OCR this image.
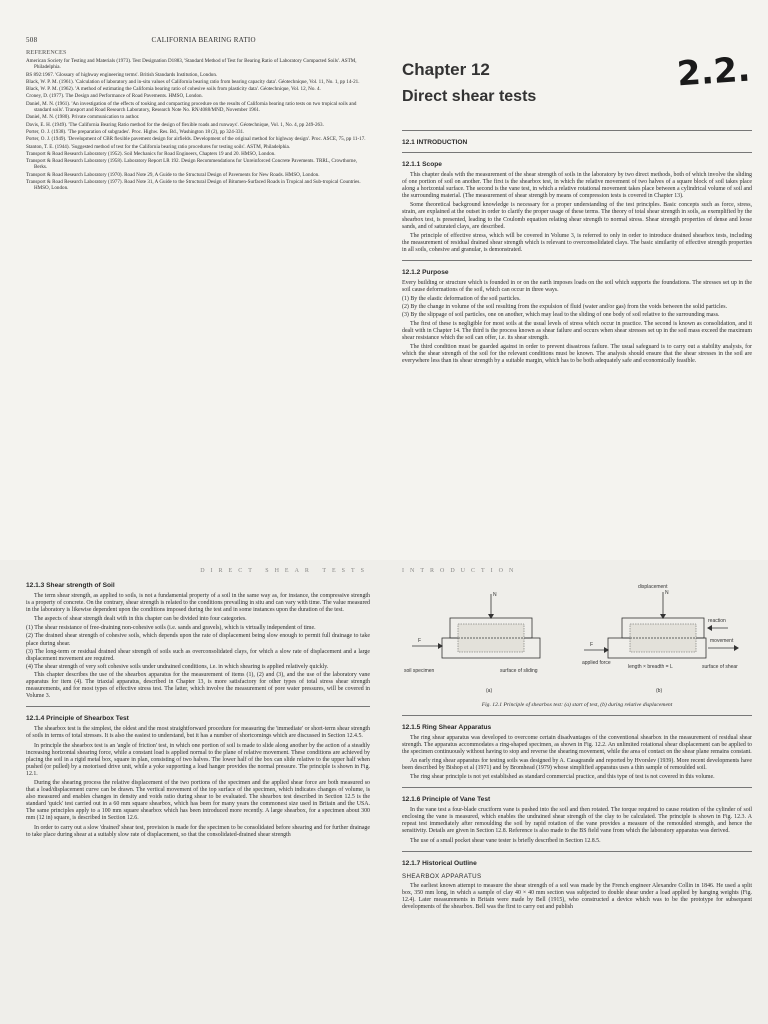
508	CALIFORNIA BEARING RATIO
REFERENCES

American Society for Testing and Materials (1973). Test Designation D1883, 'Standard Method of Test for Bearing Ratio of Laboratory Compacted Soils'. ASTM, Philadelphia.

BS 892:1967. 'Glossary of highway engineering terms'. British Standards Institution, London.

Black, W. P. M. (1961). 'Calculation of laboratory and in-situ values of California bearing ratio from bearing capacity data'. Géotechnique, Vol. 11, No. 1, pp 14-21.

Black, W. P. M. (1962). 'A method of estimating the California bearing ratio of cohesive soils from plasticity data'. Géotechnique, Vol. 12, No. 4.

Croney, D. (1977). The Design and Performance of Road Pavements. HMSO, London.

Daniel, M. N. (1961). 'An investigation of the effects of tooking and compacting procedure on the results of California bearing ratio tests on two tropical soils and standard soils'. Transport and Road Research Laboratory, Research Note No. RN/4088/MND, November 1961.

Daniel, M. N. (1980). Private communication to author.

Davis, E. H. (1949). 'The California Bearing Ratio method for the design of flexible roads and runways'. Géotechnique, Vol. 1, No. 4, pp 249-263.

Porter, O. J. (1938). 'The preparation of subgrades'. Proc. Highw. Res. Bd., Washington 18 (2), pp 324-331.

Porter, O. J. (1949). 'Development of CBR flexible pavement design for airfields. Development of the original method for highway design'. Proc. ASCE, 75, pp 11-17.

Stanton, T. E. (1944). 'Suggested method of test for the California bearing ratio procedures for testing soils'. ASTM, Philadelphia.

Transport & Road Research Laboratory (1952). Soil Mechanics for Road Engineers, Chapters 19 and 20. HMSO, London.

Transport & Road Research Laboratory (1958). Laboratory Report LR 192. Design Recommendations for Unreinforced Concrete Pavements. TRRL, Crowthorne, Berks.

Transport & Road Research Laboratory (1970). Road Note 29, A Guide to the Structural Design of Pavements for New Roads. HMSO, London.

Transport & Road Research Laboratory (1977). Road Note 31, A Guide to the Structural Design of Bitumen-Surfaced Roads in Tropical and Sub-tropical Countries. HMSO, London.

2.2.
Chapter 12
Direct shear tests
12.1 INTRODUCTION
12.1.1 Scope

This chapter deals with the measurement of the shear strength of soils in the laboratory by two direct methods, both of which involve the sliding of one portion of soil on another. The first is the shearbox test, in which the relative movement of two halves of a square block of soil takes place along a horizontal surface. The second is the vane test, in which a relative rotational movement takes place between a cylindrical volume of soil and the surrounding material. (The measurement of shear strength by means of compression tests is covered in Chapter 13).

Some theoretical background knowledge is necessary for a proper understanding of the test principles. Basic concepts such as force, stress, strain, are explained at the outset in order to clarify the proper usage of these terms. The theory of total shear strength in soils, as exemplified by the shearbox test, is presented, leading to the Coulomb equation relating shear strength to normal stress. Shear strength properties of dense and loose sands, and of saturated clays, are described.

The principle of effective stress, which will be covered in Volume 3, is referred to only in order to introduce drained shearbox tests, including the measurement of residual drained shear strength which is relevant to overconsolidated clays. The basic similarity of effective strength properties in all soils, cohesive and granular, is demonstrated.

12.1.2 Purpose

Every building or structure which is founded in or on the earth imposes loads on the soil which supports the foundations. The stresses set up in the soil cause deformations of the soil, which can occur in three ways.

(1) By the elastic deformation of the soil particles.

(2) By the change in volume of the soil resulting from the expulsion of fluid (water and/or gas) from the voids between the solid particles.

(3) By the slippage of soil particles, one on another, which may lead to the sliding of one body of soil relative to the surrounding mass.

The first of these is negligible for most soils at the usual levels of stress which occur in practice. The second is known as consolidation, and it dealt with in Chapter 14. The third is the process known as shear failure and occurs when shear stresses set up in the soil mass exceed the maximum shear resistance which the soil can offer, i.e. its shear strength.

The third condition must be guarded against in order to prevent disastrous failure. The usual safeguard is to carry out a stability analysis, for which the shear strength of the soil for the relevant conditions must be known. The analysis should ensure that the shear stresses in the soil are everywhere less than its shear strength by a suitable margin, which has to be both adequately safe and economically feasible.

DIRECT SHEAR TESTS
12.1.3 Shear strength of Soil

The term shear strength, as applied to soils, is not a fundamental property of a soil in the same way as, for instance, the compressive strength is a property of concrete. On the contrary, shear strength is related to the conditions prevailing in situ and can vary with time. The value measured in the laboratory is likewise dependent upon the conditions imposed during the test and in some instances upon the duration of the test.

The aspects of shear strength dealt with in this chapter can be divided into four categories.

(1) The shear resistance of free-draining non-cohesive soils (i.e. sands and gravels), which is virtually independent of time.

(2) The drained shear strength of cohesive soils, which depends upon the rate of displacement being slow enough to permit full drainage to take place during shear.

(3) The long-term or residual drained shear strength of soils such as overconsolidated clays, for which a slow rate of displacement and a large displacement movement are required.

(4) The shear strength of very soft cohesive soils under undrained conditions, i.e. in which shearing is applied relatively quickly.

This chapter describes the use of the shearbox apparatus for the measurement of items (1), (2) and (3), and the use of the laboratory vane apparatus for item (4). The triaxial apparatus, described in Chapter 13, is more satisfactory for other types of total stress shear strength measurements, and for most types of effective stress test. The latter, which involve the measurement of pore water pressures, will be covered in Volume 3.

12.1.4 Principle of Shearbox Test

The shearbox test is the simplest, the oldest and the most straightforward procedure for measuring the 'immediate' or short-term shear strength of soils in terms of total stresses. It is also the easiest to understand, but it has a number of shortcomings which are discussed in Section 12.4.5.

In principle the shearbox test is an 'angle of friction' test, in which one portion of soil is made to slide along another by the action of a steadily increasing horizontal shearing force, while a constant load is applied normal to the plane of relative movement. These conditions are achieved by placing the soil in a rigid metal box, square in plan, consisting of two halves. The lower half of the box can slide relative to the upper half when pushed (or pulled) by a motorised drive unit, while a yoke supporting a load hanger provides the normal pressure. The principle is shown in Fig. 12.1.

During the shearing process the relative displacement of the two portions of the specimen and the applied shear force are both measured so that a load/displacement curve can be drawn. The vertical movement of the top surface of the specimen, which indicates changes of volume, is also measured and enables changes in density and voids ratio during shear to be evaluated. The shearbox test described in Section 12.5 is the standard 'quick' test carried out in a 60 mm square shearbox, which has been for many years the commonest size used in Britain and the USA. The same principles apply to a 100 mm square shearbox which has been introduced more recently. A large shearbox, for a specimen about 300 mm (12 in) square, is described in Section 12.6.

In order to carry out a slow 'drained' shear test, provision is made for the specimen to be consolidated before shearing and for further drainage to take place during shear at a suitably slow rate of displacement, so that the consolidated-drained shear strength

INTRODUCTION
N
F
soil specimen	surface of sliding
(a)
N
displacement
reaction
movement
F
applied force
length × breadth = L	surface of shear
(b)
Fig. 12.1 Principle of shearbox test: (a) start of test, (b) during relative displacement
12.1.5 Ring Shear Apparatus

The ring shear apparatus was developed to overcome certain disadvantages of the conventional shearbox in the measurement of residual shear strength. The apparatus accommodates a ring-shaped specimen, as shown in Fig. 12.2. An unlimited rotational shear displacement can be applied to the specimen continuously without having to stop and reverse the shearing movement, while the area of contact on the shear plane remains constant.

An early ring shear apparatus for testing soils was designed by A. Casagrande and reported by Hvorslev (1939). More recent developments have been described by Bishop et al (1971) and by Bromhead (1979) whose simplified apparatus uses a thin sample of remoulded soil.

The ring shear principle is not yet established as standard commercial practice, and this type of test is not covered in this volume.

12.1.6 Principle of Vane Test

In the vane test a four-blade cruciform vane is pushed into the soil and then rotated. The torque required to cause rotation of the cylinder of soil enclosing the vane is measured, which enables the undrained shear strength of the clay to be calculated. The principle is shown in Fig. 12.3. A repeat test immediately after remoulding the soil by rapid rotation of the vane provides a measure of the remoulded strength, and hence the sensitivity. Details are given in Section 12.8. Reference is also made to the BS field vane from which the laboratory apparatus was derived.

The use of a small pocket shear vane tester is briefly described in Section 12.8.5.

12.1.7 Historical Outline
SHEARBOX APPARATUS

The earliest known attempt to measure the shear strength of a soil was made by the French engineer Alexandre Collin in 1846. He used a split box, 350 mm long, in which a sample of clay 40 × 40 mm section was subjected to double shear under a load applied by hanging weights (Fig. 12.4). Later measurements in Britain were made by Bell (1915), who constructed a device which was to be the prototype for subsequent developments of the shearbox. Bell was the first to carry out and publish
